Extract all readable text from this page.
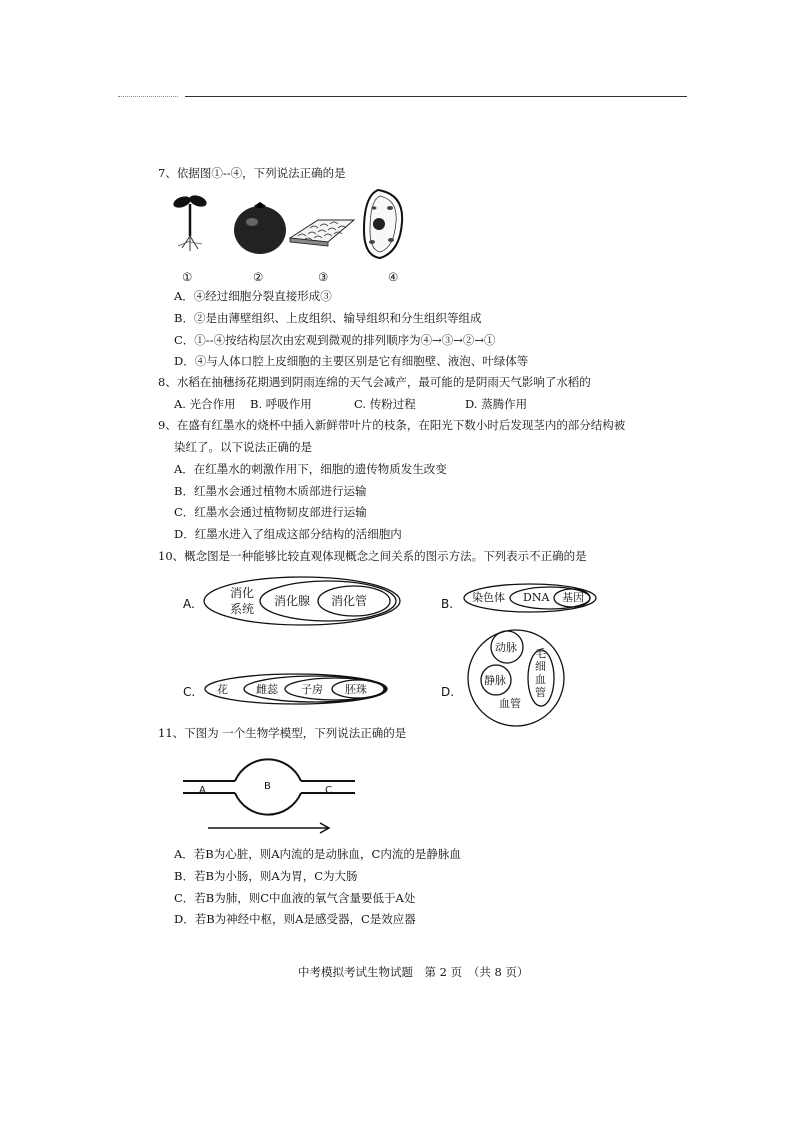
7、依据图①--④，下列说法正确的是
①	②	③	④
A．④经过细胞分裂直接形成③
B．②是由薄壁组织、上皮组织、输导组织和分生组织等组成
C．①--④按结构层次由宏观到微观的排列顺序为④→③→②→①
D．④与人体口腔上皮细胞的主要区别是它有细胞壁、液泡、叶绿体等
8、水稻在抽穗扬花期遇到阴雨连绵的天气会减产，最可能的是阴雨天气影响了水稻的
A. 光合作用 B. 呼吸作用	C. 传粉过程	D. 蒸腾作用
9、在盛有红墨水的烧杯中插入新鲜带叶片的枝条，在阳光下数小时后发现茎内的部分结构被
染红了。以下说法正确的是
A．在红墨水的刺激作用下，细胞的遗传物质发生改变
B．红墨水会通过植物木质部进行运输
C．红墨水会通过植物韧皮部进行运输
D．红墨水进入了组成这部分结构的活细胞内
10、概念图是一种能够比较直观体现概念之间关系的图示方法。下列表示不正确的是
A.
消化
系统
消化腺 消化管	B. 染色体 DNA 基因
C. 花	雌蕊 子房 胚珠	D.
动脉
静脉
血管
毛
细
血
管
11、下图为 一个生物学模型，下列说法正确的是
A	B	C
A．若B为心脏，则A内流的是动脉血，C内流的是静脉血
B．若B为小肠，则A为胃，C为大肠
C．若B为肺，则C中血液的氧气含量要低于A处
D．若B为神经中枢，则A是感受器，C是效应器
中考模拟考试生物试题　第 2 页　（共 8 页）
